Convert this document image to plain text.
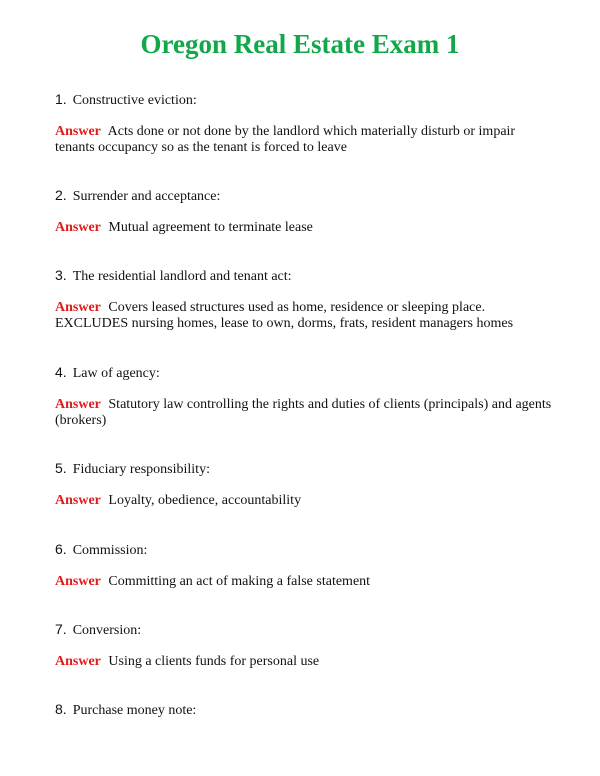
Oregon Real Estate Exam 1

1. Constructive eviction:

Answer Acts done or not done by the landlord which materially disturb or impair tenants occupancy so as the tenant is forced to leave

2. Surrender and acceptance:

Answer Mutual agreement to terminate lease

3. The residential landlord and tenant act:

Answer Covers leased structures used as home, residence or sleeping place. EXCLUDES nursing homes, lease to own, dorms, frats, resident managers homes

4. Law of agency:

Answer Statutory law controlling the rights and duties of clients (principals) and agents (brokers)

5. Fiduciary responsibility:

Answer Loyalty, obedience, accountability

6. Commission:

Answer Committing an act of making a false statement

7. Conversion:

Answer Using a clients funds for personal use

8. Purchase money note:
